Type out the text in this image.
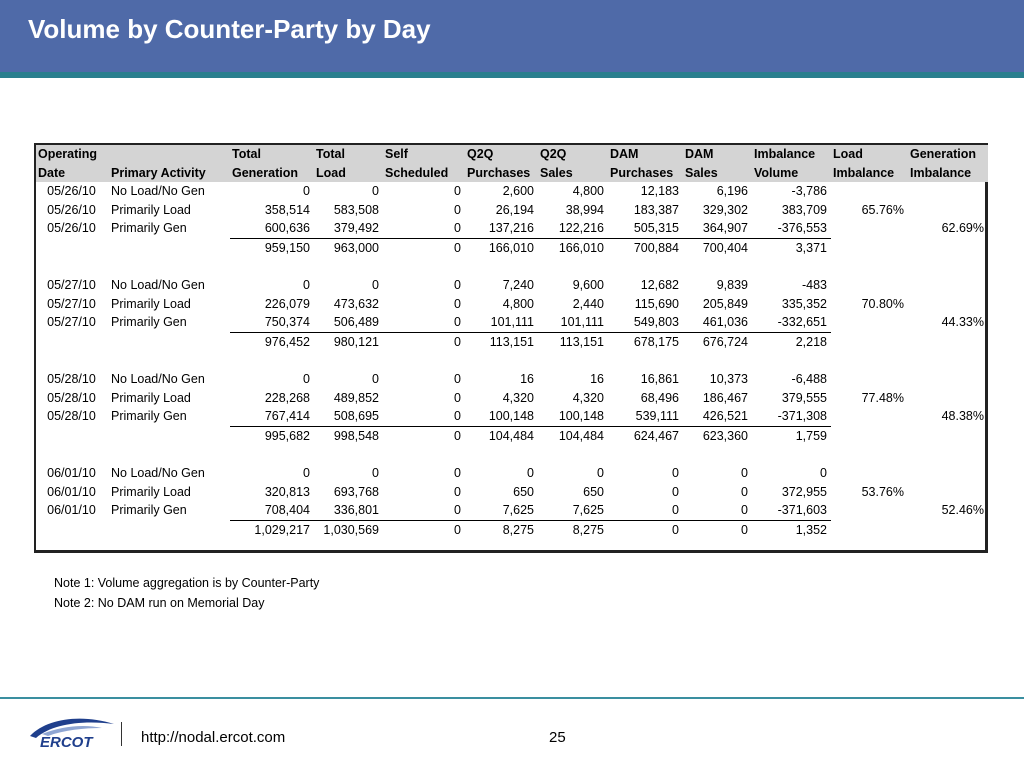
Volume by Counter-Party by Day
Operating		Total	Total	Self	Q2Q	Q2Q	DAM	DAM	Imbalance	Load	Generation
Date	Primary Activity	Generation	Load	Scheduled	Purchases	Sales	Purchases	Sales	Volume	Imbalance	Imbalance
05/26/10	No Load/No Gen	0	0	0	2,600	4,800	12,183	6,196	-3,786		
05/26/10	Primarily Load	358,514	583,508	0	26,194	38,994	183,387	329,302	383,709	65.76%	
05/26/10	Primarily Gen	600,636	379,492	0	137,216	122,216	505,315	364,907	-376,553		62.69%
		959,150	963,000	0	166,010	166,010	700,884	700,404	3,371		

05/27/10	No Load/No Gen	0	0	0	7,240	9,600	12,682	9,839	-483		
05/27/10	Primarily Load	226,079	473,632	0	4,800	2,440	115,690	205,849	335,352	70.80%	
05/27/10	Primarily Gen	750,374	506,489	0	101,111	101,111	549,803	461,036	-332,651		44.33%
		976,452	980,121	0	113,151	113,151	678,175	676,724	2,218		

05/28/10	No Load/No Gen	0	0	0	16	16	16,861	10,373	-6,488		
05/28/10	Primarily Load	228,268	489,852	0	4,320	4,320	68,496	186,467	379,555	77.48%	
05/28/10	Primarily Gen	767,414	508,695	0	100,148	100,148	539,111	426,521	-371,308		48.38%
		995,682	998,548	0	104,484	104,484	624,467	623,360	1,759		

06/01/10	No Load/No Gen	0	0	0	0	0	0	0	0		
06/01/10	Primarily Load	320,813	693,768	0	650	650	0	0	372,955	53.76%	
06/01/10	Primarily Gen	708,404	336,801	0	7,625	7,625	0	0	-371,603		52.46%
		1,029,217	1,030,569	0	8,275	8,275	0	0	1,352		
Note 1: Volume aggregation is by Counter-Party
Note 2: No DAM run on Memorial Day
ERCOT	http://nodal.ercot.com	25
